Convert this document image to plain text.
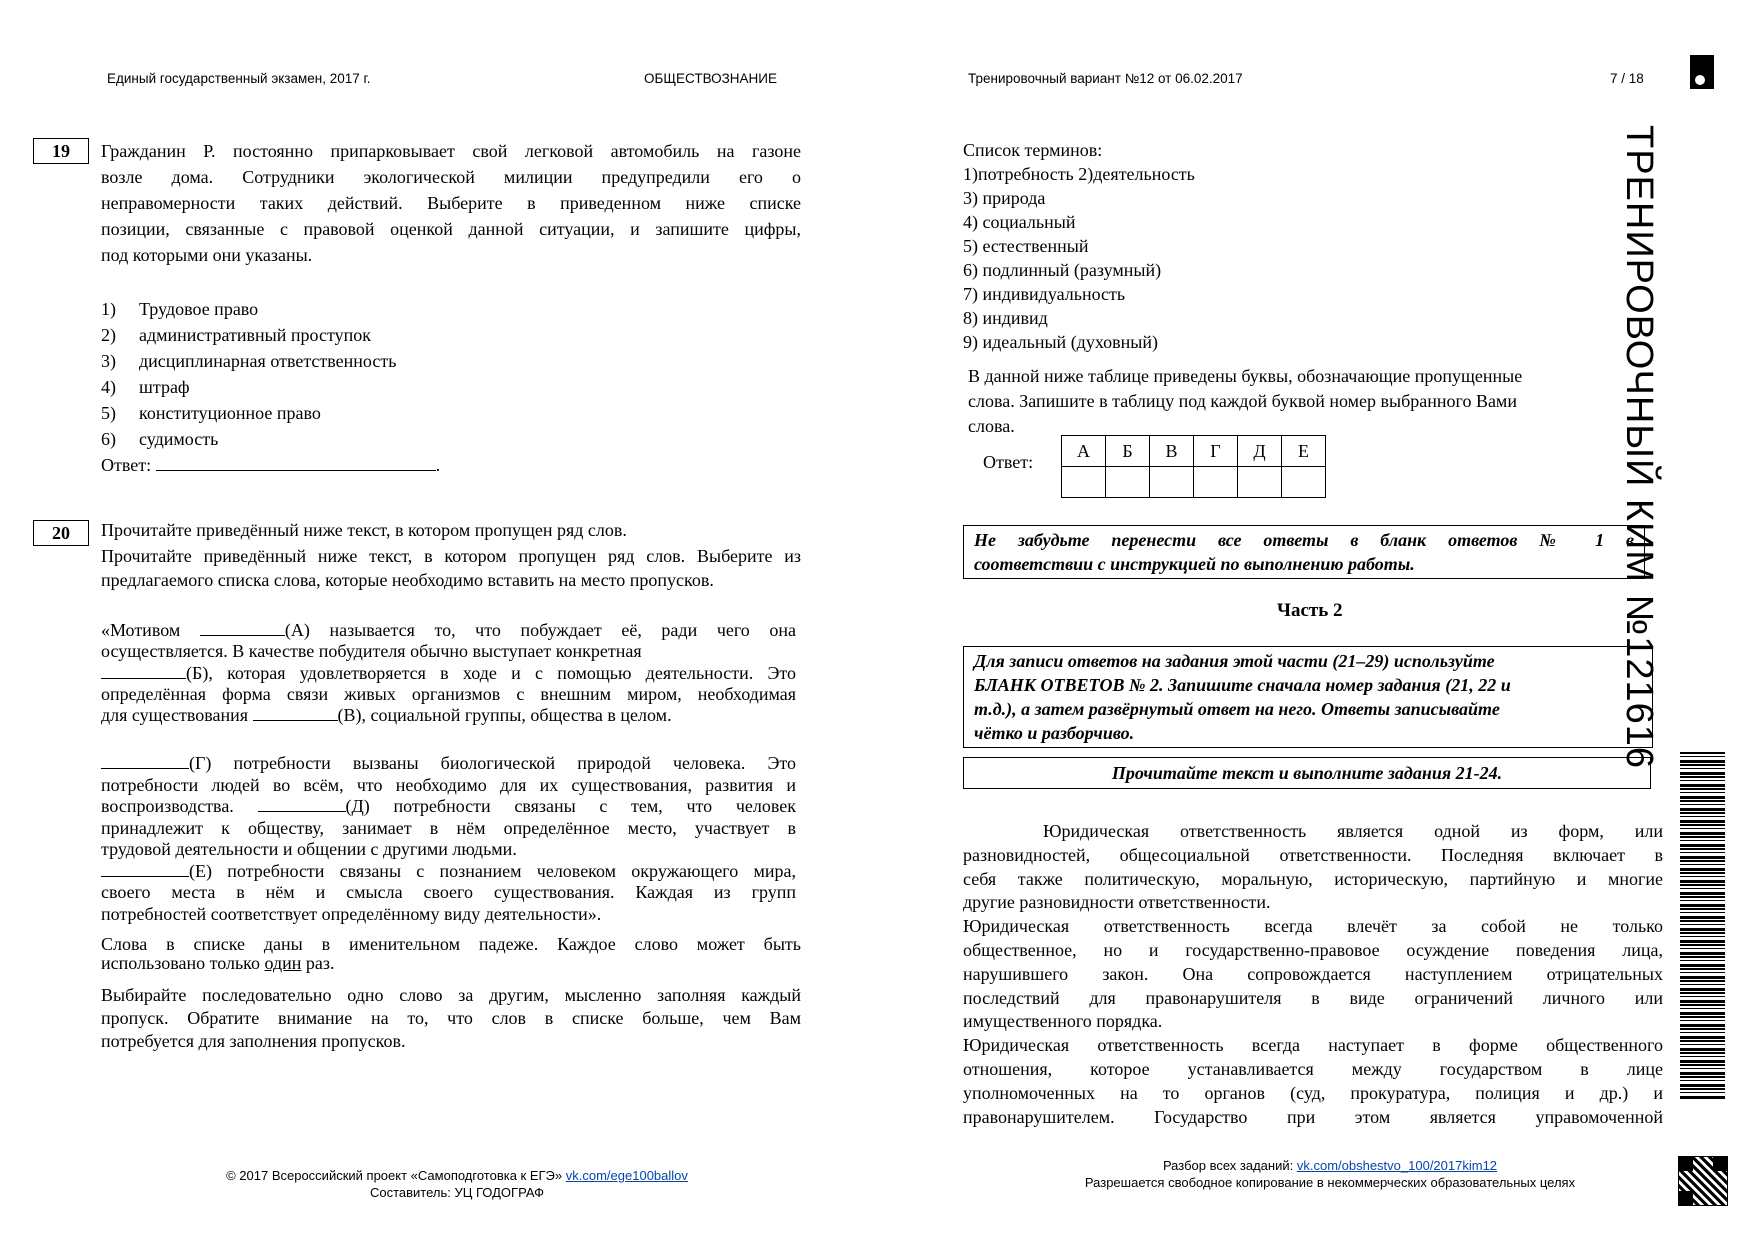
Единый государственный экзамен, 2017 г.	ОБЩЕСТВОЗНАНИЕ	Тренировочный вариант №12 от 06.02.2017	7 / 18
19	Гражданин Р. постоянно припарковывает свой легковой автомобиль на газоне
возле дома. Сотрудники экологической милиции предупредили его о
неправомерности таких действий. Выберите в приведенном ниже списке
позиции, связанные с правовой оценкой данной ситуации, и запишите цифры,
под которыми они указаны.
1) Трудовое право
2) административный проступок
3) дисциплинарная ответственность
4) штраф
5) конституционное право
6) судимость
Ответ:	.
20	Прочитайте приведённый ниже текст, в котором пропущен ряд слов.
Прочитайте приведённый ниже текст, в котором пропущен ряд слов. Выберите из
предлагаемого списка слова, которые необходимо вставить на место пропусков.
«Мотивом	(А) называется то, что побуждает её, ради чего она
осуществляется. В качестве побудителя обычно выступает конкретная
(Б), которая удовлетворяется в ходе и с помощью деятельности. Это
определённая форма связи живых организмов с внешним миром, необходимая
для существования	(В), социальной группы, общества в целом.
(Г) потребности вызваны биологической природой человека. Это
потребности людей во всём, что необходимо для их существования, развития и
воспроизводства.	(Д) потребности связаны с тем, что человек
принадлежит к обществу, занимает в нём определённое место, участвует в
трудовой деятельности и общении с другими людьми.
(Е) потребности связаны с познанием человеком окружающего мира,
своего места в нём и смысла своего существования. Каждая из групп
потребностей соответствует определённому виду деятельности».
Слова в списке даны в именительном падеже. Каждое слово может быть
использовано только один раз.
Выбирайте последовательно одно слово за другим, мысленно заполняя каждый
пропуск. Обратите внимание на то, что слов в списке больше, чем Вам
потребуется для заполнения пропусков.
Список терминов:
1)потребность 2)деятельность
3) природа
4) социальный
5) естественный
6) подлинный (разумный)
7) индивидуальность
8) индивид
9) идеальный (духовный)
В данной ниже таблице приведены буквы, обозначающие пропущенные
слова. Запишите в таблицу под каждой буквой номер выбранного Вами
слова.
Ответ:
А	Б	В	Г	Д	Е

Не забудьте перенести все ответы в бланк ответов № 1 в
соответствии с инструкцией по выполнению работы.
Часть 2
Для записи ответов на задания этой части (21–29) используйте
БЛАНК ОТВЕТОВ № 2. Запишите сначала номер задания (21, 22 и
т.д.), а затем развёрнутый ответ на него. Ответы записывайте
чётко и разборчиво.
Прочитайте текст и выполните задания 21-24.
Юридическая ответственность является одной из форм, или
разновидностей, общесоциальной ответственности. Последняя включает в
себя также политическую, моральную, историческую, партийную и многие
другие разновидности ответственности.
Юридическая ответственность всегда влечёт за собой не только
общественное, но и государственно-правовое осуждение поведения лица,
нарушившего закон. Она сопровождается наступлением отрицательных
последствий для правонарушителя в виде ограничений личного или
имущественного порядка.
Юридическая ответственность всегда наступает в форме общественного
отношения, которое устанавливается между государством в лице
уполномоченных на то органов (суд, прокуратура, полиция и др.) и
правонарушителем. Государство при этом является управомоченной
© 2017 Всероссийский проект «Самоподготовка к ЕГЭ» vk.com/ege100ballov
Составитель: УЦ ГОДОГРАФ
Разбор всех заданий: vk.com/obshestvo_100/2017kim12
Разрешается свободное копирование в некоммерческих образовательных целях
ТРЕНИРОВОЧНЫЙ КИМ №121616
